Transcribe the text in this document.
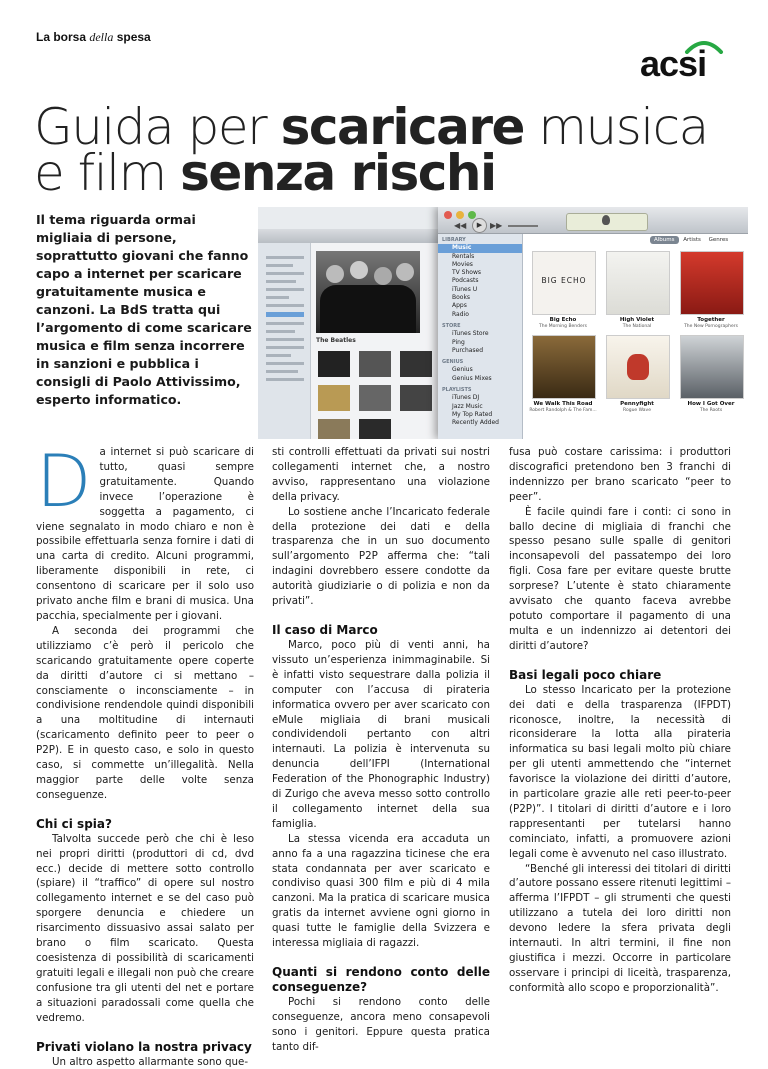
La borsa della spesa
acsi
Guida per scaricare musica
e film senza rischi

Il tema riguarda ormai migliaia di persone, soprattutto giovani che fanno capo a internet per scaricare gratuitamente musica e canzoni. La BdS tratta qui l’argomento di come scaricare musica e film senza incorrere in sanzioni e pubblica i consigli di Paolo Attivissimo, esperto informatico.

The Beatles

◀◀	▶ ▶▶
LIBRARY
Music
Rentals
Movies
TV Shows
Podcasts
iTunes U
Books
Apps
Radio
STORE
iTunes Store
Ping
Purchased
GENIUS
Genius
Genius Mixes
PLAYLISTS
iTunes DJ
Jazz Music
My Top Rated
Recently Added
Albums Artists Genres
BIG ECHO
Big Echo
The Morning Benders
High Violet
The National
Together
The New Pornographers
We Walk This Road
Robert Randolph & The Fam...
Pennyfight
Rogue Wave
How I Got Over
The Roots
D a internet si può scaricare di tutto, quasi sempre gratuitamente. Quando invece l’operazione è soggetta a pagamento, ci viene segnalato in modo chiaro e non è possibile effettuarla senza fornire i dati di una carta di credito. Alcuni programmi, liberamente disponibili in rete, ci consentono di scaricare per il solo uso privato anche film e brani di musica. Una pacchia, specialmente per i giovani.

A seconda dei programmi che utilizziamo c’è però il pericolo che scaricando gratuitamente opere coperte da diritti d’autore ci si mettano – consciamente o inconsciamente – in condivisione rendendole quindi disponibili a una moltitudine di internauti (scaricamento definito peer to peer o P2P). E in questo caso, e solo in questo caso, si commette un’illegalità. Nella maggior parte delle volte senza conseguenze.

Chi ci spia?

Talvolta succede però che chi è leso nei propri diritti (produttori di cd, dvd ecc.) decide di mettere sotto controllo (spiare) il “traffico” di opere sul nostro collegamento internet e se del caso può sporgere denuncia e chiedere un risarcimento dissuasivo assai salato per brano o film scaricato. Questa coesistenza di possibilità di scaricamenti gratuiti legali e illegali non può che creare confusione tra gli utenti del net e portare a situazioni paradossali come quella che vedremo.

Privati violano la nostra privacy

Un altro aspetto allarmante sono que-

sti controlli effettuati da privati sui nostri collegamenti internet che, a nostro avviso, rappresentano una violazione della privacy.

Lo sostiene anche l’Incaricato federale della protezione dei dati e della trasparenza che in un suo documento sull’argomento P2P afferma che: “tali indagini dovrebbero essere condotte da autorità giudiziarie o di polizia e non da privati”.

Il caso di Marco

Marco, poco più di venti anni, ha vissuto un’esperienza inimmaginabile. Si è infatti visto sequestrare dalla polizia il computer con l’accusa di pirateria informatica ovvero per aver scaricato con eMule migliaia di brani musicali condividendoli pertanto con altri internauti. La polizia è intervenuta su denuncia dell’IFPI (International Federation of the Phonographic Industry) di Zurigo che aveva messo sotto controllo il collegamento internet della sua famiglia.

La stessa vicenda era accaduta un anno fa a una ragazzina ticinese che era stata condannata per aver scaricato e condiviso quasi 300 film e più di 4 mila canzoni. Ma la pratica di scaricare musica gratis da internet avviene ogni giorno in quasi tutte le famiglie della Svizzera e interessa migliaia di ragazzi.

Quanti si rendono conto delle conseguenze?

Pochi si rendono conto delle conseguenze, ancora meno consapevoli sono i genitori. Eppure questa pratica tanto dif-

fusa può costare carissima: i produttori discografici pretendono ben 3 franchi di indennizzo per brano scaricato “peer to peer”.

È facile quindi fare i conti: ci sono in ballo decine di migliaia di franchi che spesso pesano sulle spalle di genitori inconsapevoli del passatempo dei loro figli. Cosa fare per evitare queste brutte sorprese? L’utente è stato chiaramente avvisato che quanto faceva avrebbe potuto comportare il pagamento di una multa e un indennizzo ai detentori dei diritti d’autore?

Basi legali poco chiare

Lo stesso Incaricato per la protezione dei dati e della trasparenza (IFPDT) riconosce, inoltre, la necessità di riconsiderare la lotta alla pirateria informatica su basi legali molto più chiare per gli utenti ammettendo che “internet favorisce la violazione dei diritti d’autore, in particolare grazie alle reti peer-to-peer (P2P)”. I titolari di diritti d’autore e i loro rappresentanti per tutelarsi hanno cominciato, infatti, a promuovere azioni legali come è avvenuto nel caso illustrato.

“Benché gli interessi dei titolari di diritti d’autore possano essere ritenuti legittimi – afferma l’IFPDT – gli strumenti che questi utilizzano a tutela dei loro diritti non devono ledere la sfera privata degli internauti. In altri termini, il fine non giustifica i mezzi. Occorre in particolare osservare i principi di liceità, trasparenza, conformità allo scopo e proporzionalità”.
